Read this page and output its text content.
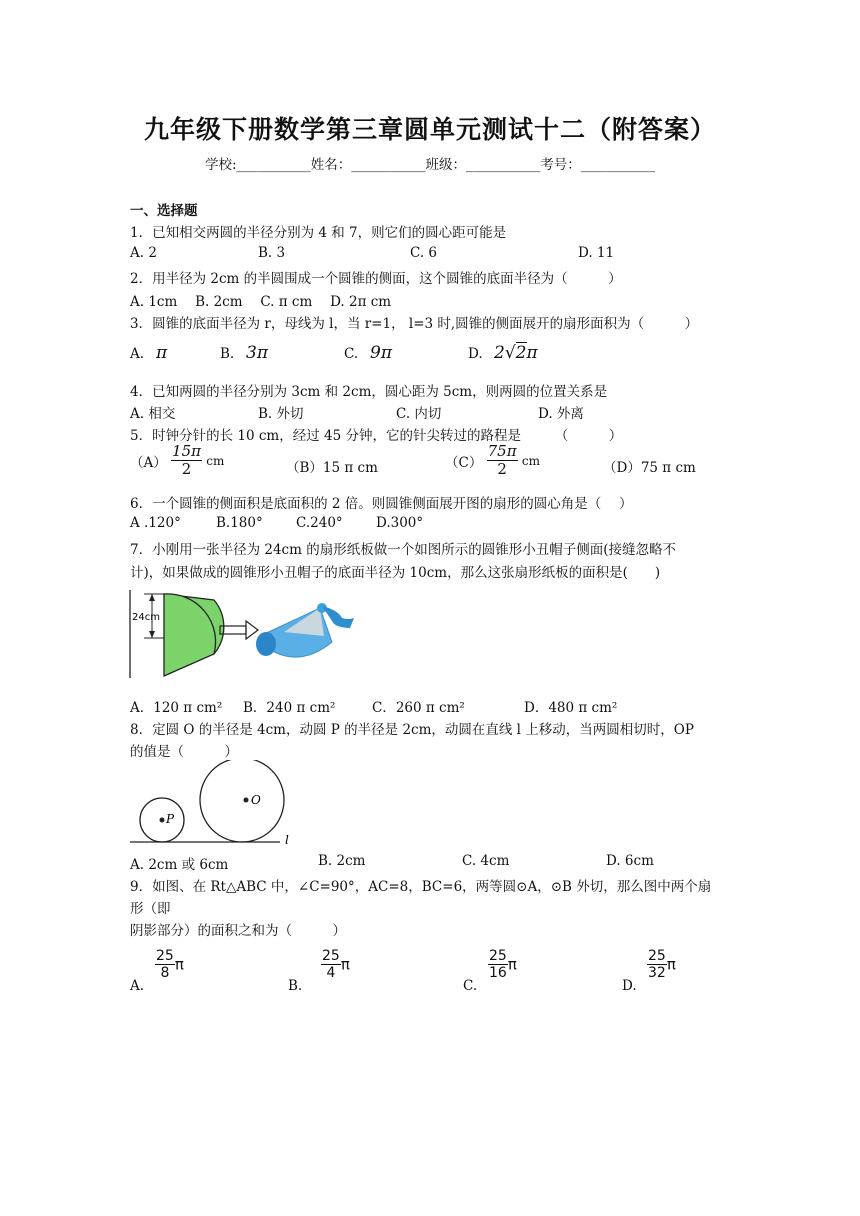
九年级下册数学第三章圆单元测试十二（附答案）
学校:___________姓名：___________班级：___________考号：___________
一、选择题
1．已知相交两圆的半径分别为 4 和 7，则它们的圆心距可能是
A. 2	B. 3	C. 6	D. 11
2．用半径为 2cm 的半圆围成一个圆锥的侧面，这个圆锥的底面半径为（　　　）
A. 1cm　 B. 2cm　 C. π cm　 D. 2π cm
3．圆锥的底面半径为 r，母线为 l，当 r=1， l=3 时,圆锥的侧面展开的扇形面积为（　　　）
A. π	B. 3π	C. 9π	D. 2√2π
4．已知两圆的半径分别为 3cm 和 2cm，圆心距为 5cm，则两圆的位置关系是
A. 相交	B. 外切	C. 内切	D. 外离
5．时钟分针的长 10 cm，经过 45 分钟，它的针尖转过的路程是　　　（　　　）
$(A) \frac{15\pi}{2}$ cm	（B）15 π cm	$(C) \frac{75\pi}{2}$ cm	（D）75 π cm
6．一个圆锥的侧面积是底面积的 2 倍。则圆锥侧面展开图的扇形的圆心角是（　 ）
A .120°	B.180° C.240° D.300°
7．小刚用一张半径为 24cm 的扇形纸板做一个如图所示的圆锥形小丑帽子侧面(接缝忽略不
计)，如果做成的圆锥形小丑帽子的底面半径为 10cm，那么这张扇形纸板的面积是(　　)
24cm
A．120 π cm² B．240 π cm²	C．260 π cm²	D．480 π cm²
8．定圆 O 的半径是 4cm，动圆 P 的半径是 2cm，动圆在直线 l 上移动，当两圆相切时，OP
的值是（　　　）
P
O
l
A. 2cm 或 6cm	B. 2cm	C. 4cm	D. 6cm
9．如图、在 Rt△ABC 中，∠C=90°，AC=8，BC=6，两等圆⊙A，⊙B 外切，那么图中两个扇
形（即
阴影部分）的面积之和为（　　　）
A.
$\frac{25}{8}$ π
B.
$\frac{25}{4}$ π
C.
$\frac{25}{16}$ π
D.
$\frac{25}{32}$ π
